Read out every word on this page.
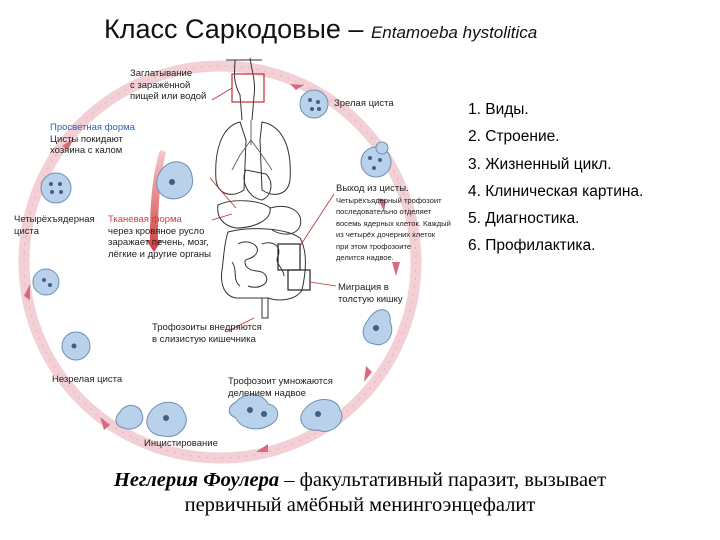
Класс Саркодовые – Entamoeba hystolitica
Заглатывание
с заражённой
пищей или водой
Зрелая циста
Просветная форма
Цисты покидают
хозяина с калом
Тканевая форма
через кровяное русло
заражает печень, мозг,
лёгкие и другие органы
Четырёхъядерная
циста
Выход из цисты.
Четырёхъядерный трофозоит
последовательно отделяет
восемь ядерных клеток. Каждый
из четырёх дочерних клеток
при этом трофозоите
делится надвое.
Миграция в
толстую кишку
Трофозоиты внедряются
в слизистую кишечника
Незрелая циста	Трофозоит умножаются
делением надвое
Инцистирование
1. Виды.
2. Строение.
3. Жизненный цикл.
4. Клиническая картина.
5. Диагностика.
6. Профилактика.
Неглерия Фоулера – факультативный паразит, вызывает
первичный амёбный менингоэнцефалит
